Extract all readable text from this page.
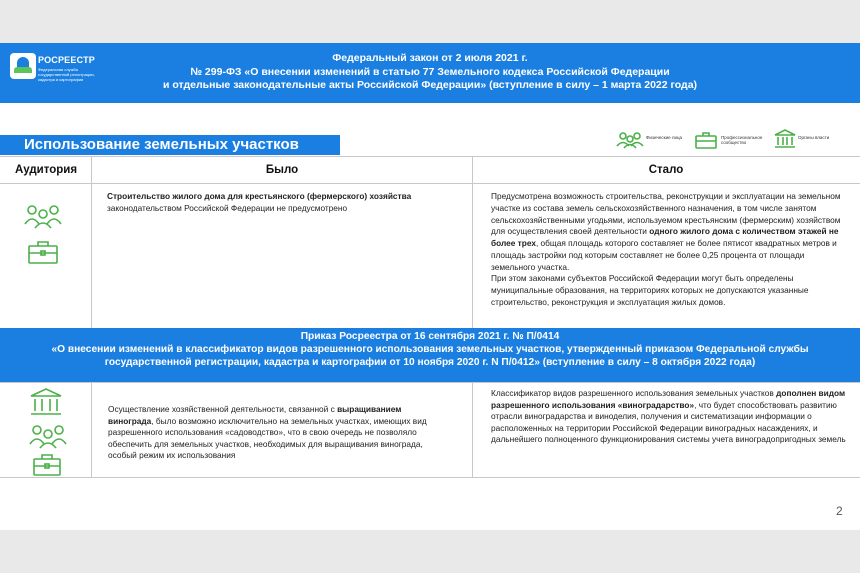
РОСРЕЕСТР
Федеральная служба государственной регистрации, кадастра и картографии
Федеральный закон от 2 июля 2021 г.
№ 299-ФЗ «О внесении изменений в статью 77 Земельного кодекса Российской Федерации
и отдельные законодательные акты Российской Федерации» (вступление в силу – 1 марта 2022 года)
Использование земельных участков	Физические лица	Профессиональное сообщество
Органы власти
Аудитория	Было	Стало
Строительство жилого дома для крестьянского (фермерского) хозяйства законодательством Российской Федерации не предусмотрено
Предусмотрена возможность строительства, реконструкции и эксплуатации на земельном участке из состава земель сельскохозяйственного назначения, в том числе занятом сельскохозяйственными угодьями, используемом крестьянским (фермерским) хозяйством для осуществления своей деятельности одного жилого дома с количеством этажей не более трех, общая площадь которого составляет не более пятисот квадратных метров и площадь застройки под которым составляет не более 0,25 процента от площади земельного участка.
При этом законами субъектов Российской Федерации могут быть определены муниципальные образования, на территориях которых не допускаются указанные строительство, реконструкция и эксплуатация жилых домов.
Приказ Росреестра от 16 сентября 2021 г. № П/0414
«О внесении изменений в классификатор видов разрешенного использования земельных участков, утвержденный приказом Федеральной службы
государственной регистрации, кадастра и картографии от 10 ноября 2020 г. N П/0412» (вступление в силу – 8 октября 2022 года)
Осуществление хозяйственной деятельности, связанной с выращиванием винограда, было возможно исключительно на земельных участках, имеющих вид разрешенного использования «садоводство», что в свою очередь не позволяло обеспечить для земельных участков, необходимых для выращивания винограда, особый режим их использования
Классификатор видов разрешенного использования земельных участков дополнен видом разрешенного использования «виноградарство», что будет способствовать развитию отрасли виноградарства и виноделия, получения и систематизации информации о расположенных на территории Российской Федерации виноградных насаждениях, и дальнейшего полноценного функционирования системы учета виноградопригодных земель
2
